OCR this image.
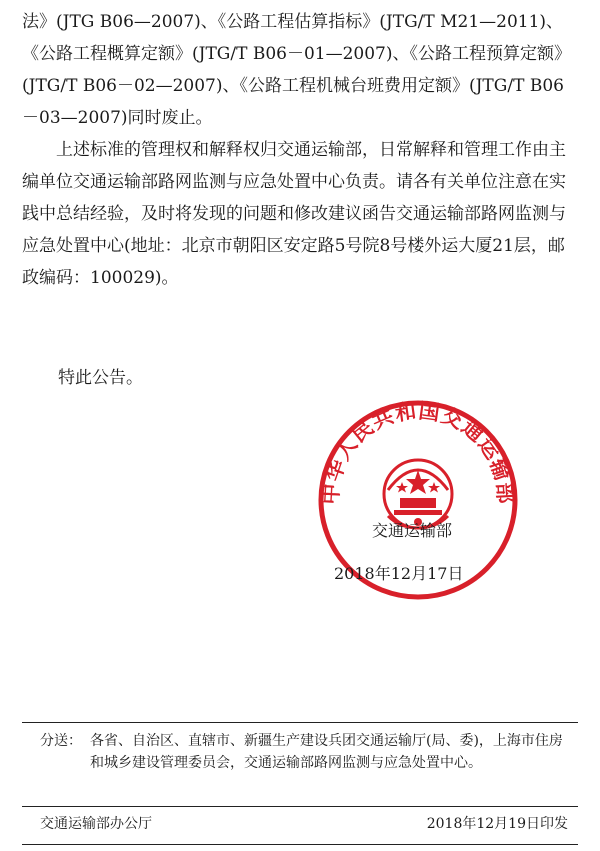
法》(JTG B06—2007)、《公路工程估算指标》(JTG/T M21—2011)、《公路工程概算定额》(JTG/T B06－01—2007)、《公路工程预算定额》(JTG/T B06－02—2007)、《公路工程机械台班费用定额》(JTG/T B06－03—2007)同时废止。

上述标准的管理权和解释权归交通运输部，日常解释和管理工作由主编单位交通运输部路网监测与应急处置中心负责。请各有关单位注意在实践中总结经验，及时将发现的问题和修改建议函告交通运输部路网监测与应急处置中心(地址：北京市朝阳区安定路5号院8号楼外运大厦21层，邮政编码：100029)。

特此公告。
中华人民共和国交通运输部
交通运输部
2018年12月17日
分送： 各省、自治区、直辖市、新疆生产建设兵团交通运输厅(局、委)，上海市住房和城乡建设管理委员会，交通运输部路网监测与应急处置中心。
交通运输部办公厅	2018年12月19日印发
